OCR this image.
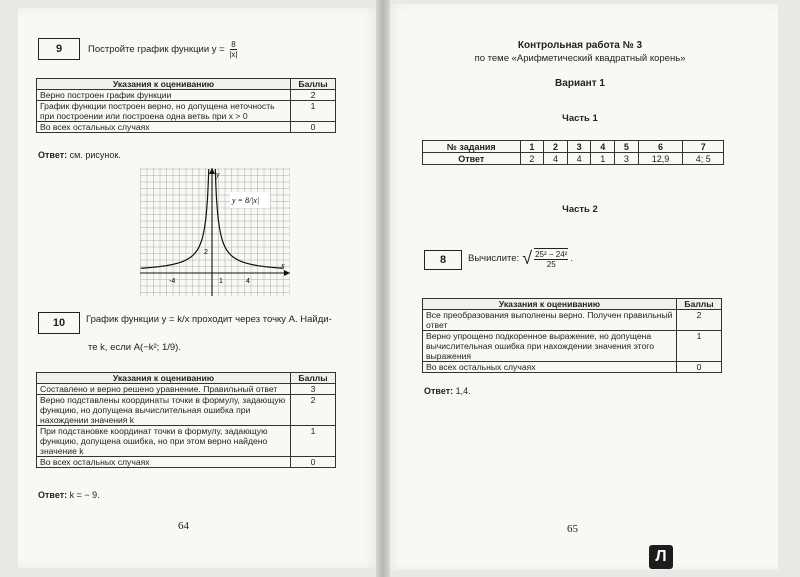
9	Постройте график функции $y = \frac{8}{|x|}$
Указания к оцениванию	Баллы
Верно построен график функции	2
График функции построен верно, но допущена неточность при построении или построена одна ветвь при x > 0	1
Во всех остальных случаях	0
Ответ: см. рисунок.
y = 8/|x|
x
y
-4	1	4
2
10	График функции y = k/x проходит через точку A. Найди-
те k, если A(−k²; 1/9).
Указания к оцениванию	Баллы
Составлено и верно решено уравнение. Правильный ответ	3
Верно подставлены координаты точки в формулу, задающую функцию, но допущена вычислительная ошибка при нахождении значения k	2
При подстановке координат точки в формулу, задающую функцию, допущена ошибка, но при этом верно найдено значение k	1
Во всех остальных случаях	0
Ответ: k = − 9.
64
Контрольная работа № 3
по теме «Арифметический квадратный корень»
Вариант 1
Часть 1
№ задания	1	2	3	4	5	6	7
Ответ	2	4	4	1	3	12,9	4; 5
Часть 2
8	Вычислите: √ $\frac{\text{25² − 24²}}{25}$ .
Указания к оцениванию	Баллы
Все преобразования выполнены верно. Получен правильный ответ	2
Верно упрощено подкоренное выражение, но допущена вычислительная ошибка при нахождении значения этого выражения	1
Во всех остальных случаях	0
Ответ: 1,4.
65
Л
